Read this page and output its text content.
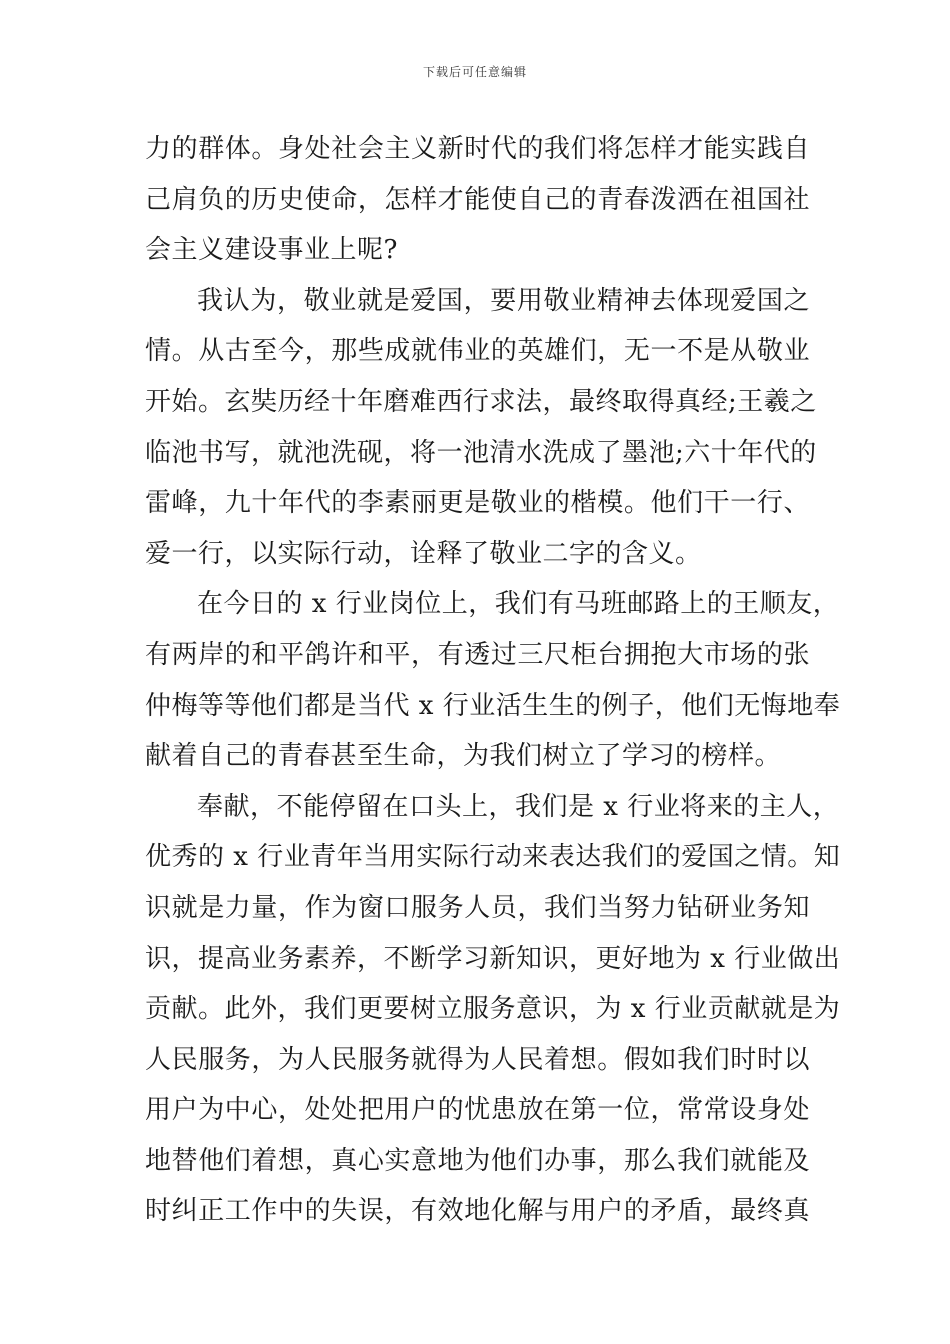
下载后可任意编辑
力的群体。身处社会主义新时代的我们将怎样才能实践自
己肩负的历史使命，怎样才能使自己的青春泼洒在祖国社
会主义建设事业上呢?
我认为，敬业就是爱国，要用敬业精神去体现爱国之
情。从古至今，那些成就伟业的英雄们，无一不是从敬业
开始。玄奘历经十年磨难西行求法，最终取得真经;王羲之
临池书写，就池洗砚，将一池清水洗成了墨池;六十年代的
雷峰，九十年代的李素丽更是敬业的楷模。他们干一行、
爱一行，以实际行动，诠释了敬业二字的含义。
在今日的 x 行业岗位上，我们有马班邮路上的王顺友，
有两岸的和平鸽许和平，有透过三尺柜台拥抱大市场的张
仲梅等等他们都是当代 x 行业活生生的例子，他们无悔地奉
献着自己的青春甚至生命，为我们树立了学习的榜样。
奉献，不能停留在口头上，我们是 x 行业将来的主人，
优秀的 x 行业青年当用实际行动来表达我们的爱国之情。知
识就是力量，作为窗口服务人员，我们当努力钻研业务知
识，提高业务素养，不断学习新知识，更好地为 x 行业做出
贡献。此外，我们更要树立服务意识，为 x 行业贡献就是为
人民服务，为人民服务就得为人民着想。假如我们时时以
用户为中心，处处把用户的忧患放在第一位，常常设身处
地替他们着想，真心实意地为他们办事，那么我们就能及
时纠正工作中的失误，有效地化解与用户的矛盾，最终真
